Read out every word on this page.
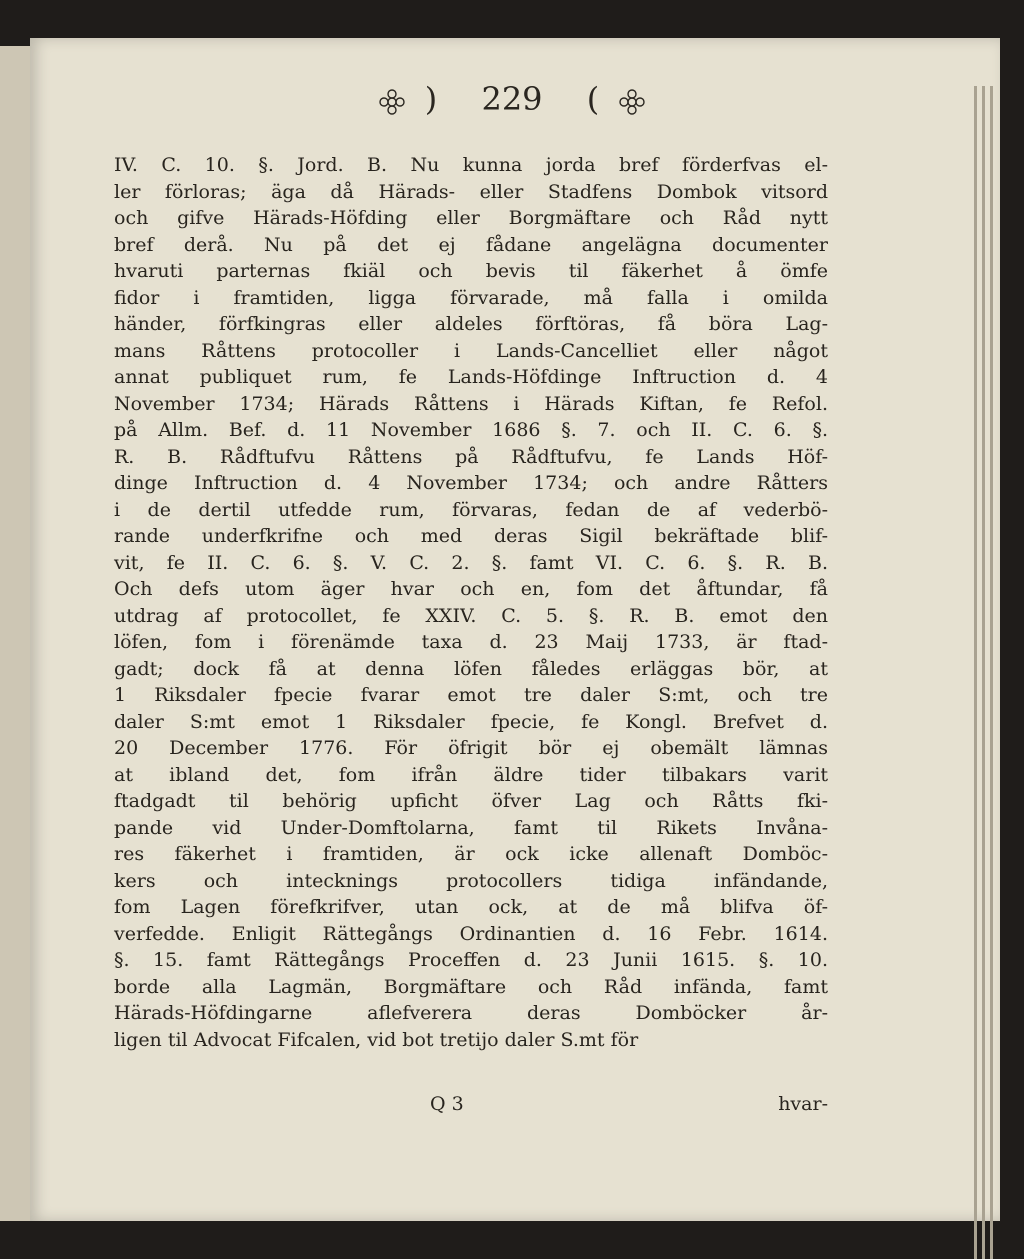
) 229 (
IV. C. 10. §. Jord. B. Nu kunna jorda bref förderfvas el-
ler förloras; äga då Härads- eller Stadfens Dombok vitsord
och gifve Härads-Höfding eller Borgmäftare och Råd nytt
bref derå. Nu på det ej fådane angelägna documenter
hvaruti parternas fkiäl och bevis til fäkerhet å ömfe
fidor i framtiden, ligga förvarade, må falla i omilda
händer, förfkingras eller aldeles förftöras, få böra Lag-
mans Råttens protocoller i Lands-Cancelliet eller något
annat publiquet rum, fe Lands-Höfdinge Inftruction d. 4
November 1734; Härads Råttens i Härads Kiftan, fe Refol.
på Allm. Bef. d. 11 November 1686 §. 7. och II. C. 6. §.
R. B. Rådftufvu Råttens på Rådftufvu, fe Lands Höf-
dinge Inftruction d. 4 November 1734; och andre Råtters
i de dertil utfedde rum, förvaras, fedan de af vederbö-
rande underfkrifne och med deras Sigil bekräftade blif-
vit, fe II. C. 6. §. V. C. 2. §. famt VI. C. 6. §. R. B.
Och defs utom äger hvar och en, fom det åftundar, få
utdrag af protocollet, fe XXIV. C. 5. §. R. B. emot den
löfen, fom i förenämde taxa d. 23 Maij 1733, är ftad-
gadt; dock få at denna löfen fåledes erläggas bör, at
1 Riksdaler fpecie fvarar emot tre daler S:mt, och tre
daler S:mt emot 1 Riksdaler fpecie, fe Kongl. Brefvet d.
20 December 1776. För öfrigit bör ej obemält lämnas
at ibland det, fom ifrån äldre tider tilbakars varit
ftadgadt til behörig upficht öfver Lag och Råtts fki-
pande vid Under-Domftolarna, famt til Rikets Invåna-
res fäkerhet i framtiden, är ock icke allenaft Domböc-
kers och intecknings protocollers tidiga infändande,
fom Lagen förefkrifver, utan ock, at de må blifva öf-
verfedde. Enligit Rättegångs Ordinantien d. 16 Febr. 1614.
§. 15. famt Rättegångs Proceffen d. 23 Junii 1615. §. 10.
borde alla Lagmän, Borgmäftare och Råd infända, famt
Härads-Höfdingarne aflefverera deras Domböcker år-
ligen til Advocat Fifcalen, vid bot tretijo daler S.mt för
Q 3	hvar-
